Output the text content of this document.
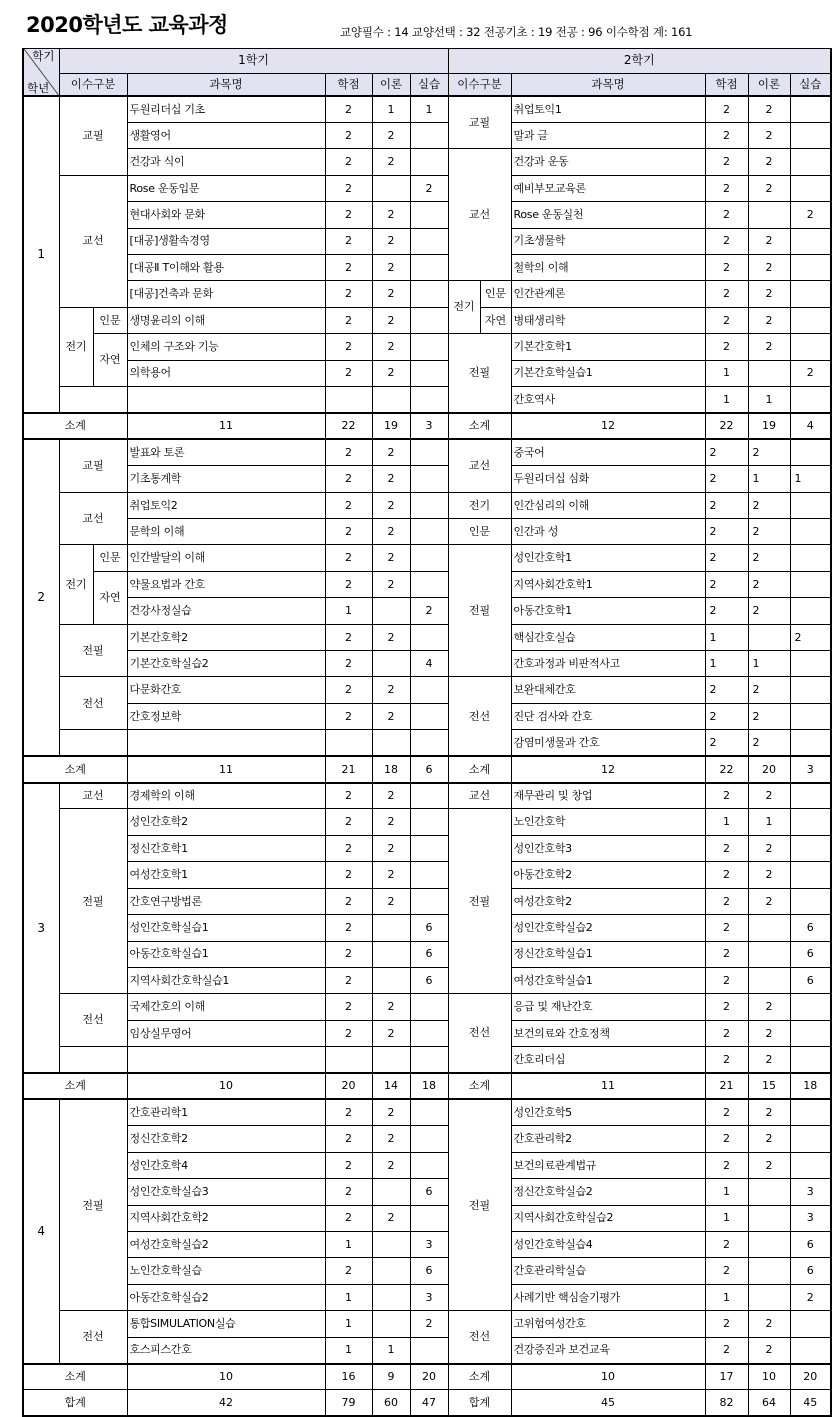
2020학년도 교육과정	교양필수 : 14 교양선택 : 32 전공기초 : 19 전공 : 96 이수학점 계: 161
학기
학년	1학기						2학기					
	이수구분		과목명	학점	이론	실습	이수구분		과목명	학점	이론	실습
1	교필		두원리더십 기초	2	1	1	교필		취업토익1	2	2	
			생활영어	2	2				말과 글	2	2	
			건강과 식이	2	2		교선		건강과 운동	2	2	
	교선		Rose 운동입문	2		2			예비부모교육론	2	2	
			현대사회와 문화	2	2				Rose 운동실천	2		2
			[대공]생활속경영	2	2				기초생물학	2	2	
			[대공Ⅱ T이해와 활용	2	2				철학의 이해	2	2	
			[대공]건축과 문화	2	2		전기	인문	인간관계론	2	2	
	전기	인문	생명윤리의 이해	2	2			자연	병태생리학	2	2	
		자연	인체의 구조와 기능	2	2		전필		기본간호학1	2	2	
			의학용어	2	2				기본간호학실습1	1		2
									간호역사	1	1	
소계			11	22	19	3	소계		12	22	19	4
2	교필		발표와 토론	2	2		교선		중국어	2	2	
			기초통계학	2	2				두원리더십 심화	2	1	1
	교선		취업토익2	2	2		전기		인간심리의 이해	2	2	
			문학의 이해	2	2		인문		인간과 성	2	2	
	전기	인문	인간발달의 이해	2	2		전필		성인간호학1	2	2	
		자연	약물요법과 간호	2	2				지역사회간호학1	2	2	
			건강사정실습	1		2			아동간호학1	2	2	
	전필		기본간호학2	2	2				핵심간호실습	1		2
			기본간호학실습2	2		4			간호과정과 비판적사고	1	1	
	전선		다문화간호	2	2		전선		보완대체간호	2	2	
			간호정보학	2	2				진단 검사와 간호	2	2	
									감염미생물과 간호	2	2	
소계			11	21	18	6	소계		12	22	20	3
3	교선		경제학의 이해	2	2		교선		재무관리 및 창업	2	2	
	전필		성인간호학2	2	2		전필		노인간호학	1	1	
			정신간호학1	2	2				성인간호학3	2	2	
			여성간호학1	2	2				아동간호학2	2	2	
			간호연구방법론	2	2				여성간호학2	2	2	
			성인간호학실습1	2		6			성인간호학실습2	2		6
			아동간호학실습1	2		6			정신간호학실습1	2		6
			지역사회간호학실습1	2		6			여성간호학실습1	2		6
	전선		국제간호의 이해	2	2		전선		응급 및 재난간호	2	2	
			임상실무영어	2	2				보건의료와 간호정책	2	2	
									간호리더십	2	2	
소계			10	20	14	18	소계		11	21	15	18
4	전필		간호관리학1	2	2		전필		성인간호학5	2	2	
			정신간호학2	2	2				간호관리학2	2	2	
			성인간호학4	2	2				보건의료관계법규	2	2	
			성인간호학실습3	2		6			정신간호학실습2	1		3
			지역사회간호학2	2	2				지역사회간호학실습2	1		3
			여성간호학실습2	1		3			성인간호학실습4	2		6
			노인간호학실습	2		6			간호관리학실습	2		6
			아동간호학실습2	1		3			사례기반 핵심술기평가	1		2
	전선		통합SIMULATION실습	1		2	전선		고위험여성간호	2	2	
			호스피스간호	1	1				건강증진과 보건교육	2	2	
소계			10	16	9	20	소계		10	17	10	20
합계			42	79	60	47	합계		45	82	64	45
